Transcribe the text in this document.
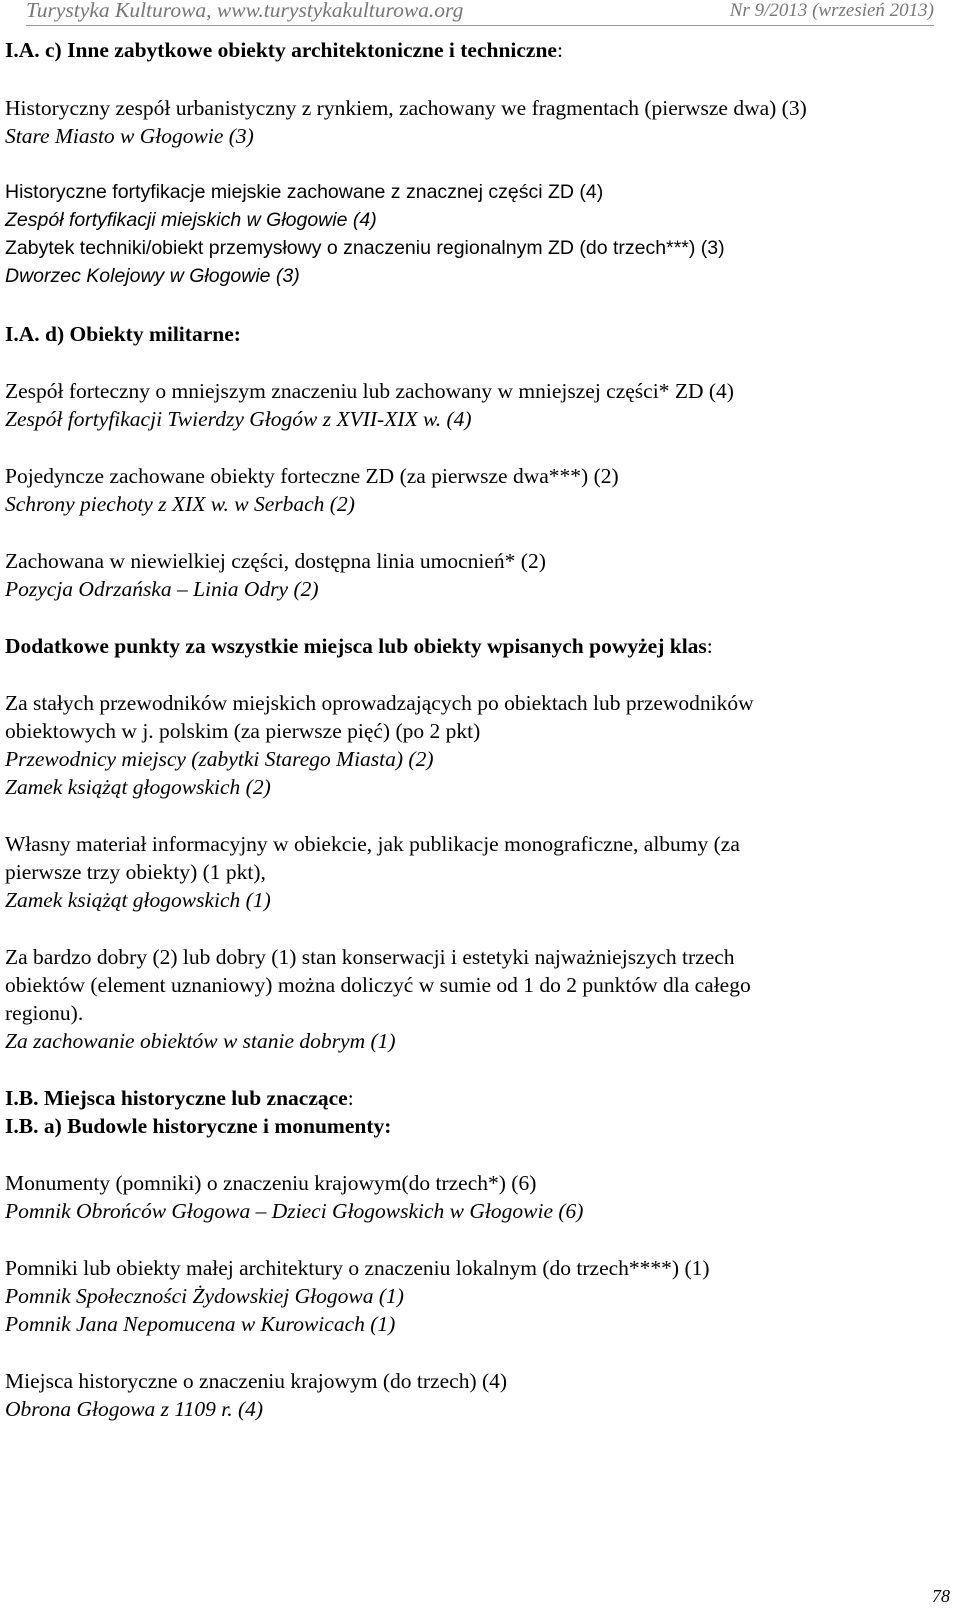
Turystyka Kulturowa, www.turystykakulturowa.org	Nr 9/2013 (wrzesień 2013)
I.A. c) Inne zabytkowe obiekty architektoniczne i techniczne:
Historyczny zespół urbanistyczny z rynkiem, zachowany we fragmentach (pierwsze dwa) (3)
Stare Miasto w Głogowie (3)
Historyczne fortyfikacje miejskie zachowane z znacznej części ZD (4)
Zespół fortyfikacji miejskich w Głogowie (4)
Zabytek techniki/obiekt przemysłowy o znaczeniu regionalnym ZD (do trzech***) (3)
Dworzec Kolejowy w Głogowie (3)
I.A. d) Obiekty militarne:
Zespół forteczny o mniejszym znaczeniu lub zachowany w mniejszej części* ZD (4)
Zespół fortyfikacji Twierdzy Głogów z XVII-XIX w. (4)
Pojedyncze zachowane obiekty forteczne ZD (za pierwsze dwa***) (2)
Schrony piechoty z XIX w. w Serbach (2)
Zachowana w niewielkiej części, dostępna linia umocnień* (2)
Pozycja Odrzańska – Linia Odry (2)
Dodatkowe punkty za wszystkie miejsca lub obiekty wpisanych powyżej klas:
Za stałych przewodników miejskich oprowadzających po obiektach lub przewodników
obiektowych w j. polskim (za pierwsze pięć) (po 2 pkt)
Przewodnicy miejscy (zabytki Starego Miasta) (2)
Zamek książąt głogowskich (2)
Własny materiał informacyjny w obiekcie, jak publikacje monograficzne, albumy (za
pierwsze trzy obiekty) (1 pkt),
Zamek książąt głogowskich (1)
Za bardzo dobry (2) lub dobry (1) stan konserwacji i estetyki najważniejszych trzech
obiektów (element uznaniowy) można doliczyć w sumie od 1 do 2 punktów dla całego
regionu).
Za zachowanie obiektów w stanie dobrym (1)
I.B. Miejsca historyczne lub znaczące:
I.B. a) Budowle historyczne i monumenty:
Monumenty (pomniki) o znaczeniu krajowym(do trzech*) (6)
Pomnik Obrońców Głogowa – Dzieci Głogowskich w Głogowie (6)
Pomniki lub obiekty małej architektury o znaczeniu lokalnym (do trzech****) (1)
Pomnik Społeczności Żydowskiej Głogowa (1)
Pomnik Jana Nepomucena w Kurowicach (1)
Miejsca historyczne o znaczeniu krajowym (do trzech) (4)
Obrona Głogowa z 1109 r. (4)
78
